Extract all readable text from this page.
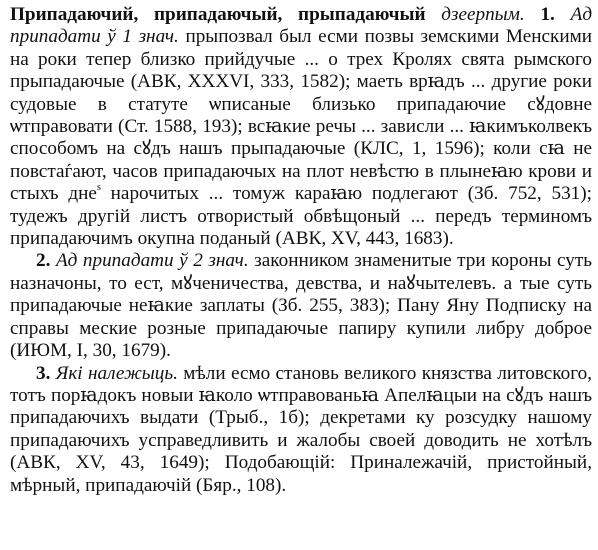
Припадаючий, припадаючый, прыпадаючый дзеерпым. 1. Ад припадати ў 1 знач. прыпозвал был есми позвы земскими Менскими на роки тепер близко прийдучые ... о трех Кролях свята рымского прыпадаючые (АВК, XXXVI, 333, 1582); маеть врꙗдъ ... другие роки судовые в статуте ѡписаные близько припадаючие сꙋдовне ѡтправовати (Ст. 1588, 193); всꙗкие речы ... зависли ... ꙗкимъколвекъ способомъ на сꙋдъ нашъ прыпадаючые (КЛС, 1, 1596); коли сꙗ не повстаѓают, часов припадаючых на плот невѣстю в плынеꙗю крови и стыхъ дне$^s$ нарочитых ... томуж караꙗю подлегают (Зб. 752, 531); тудежъ другій листъ отвористый обвѣщоный ... передъ терминомъ припадаючимъ окупна поданый (АВК, XV, 443, 1683).

2. Ад припадати ў 2 знач. законником знаменитые три короны суть назначоны, то ест, мꙋченичества, девства, и наꙋчытелевъ. а тые суть припадаючые неꙗкие заплаты (Зб. 255, 383); Пану Яну Подписку на справы меские розные припадаючые папиру купили либру доброе (ИЮМ, I, 30, 1679).

3. Які належыць. мѣли есмо становь великого князства литовского, тотъ порꙗдокъ новыи ꙗколо ѡтправованьꙗ Апелꙗцыи на сꙋдъ нашъ припадаючихъ выдати (Трыб., 1б); декретами ку розсудку нашому припадаючихъ усправедливить и жалобы своей доводить не хотѣлъ (АВК, XV, 43, 1649); Подобающій: Приналежачій, пристойный, мѣрный, припадаючій (Бяр., 108).
